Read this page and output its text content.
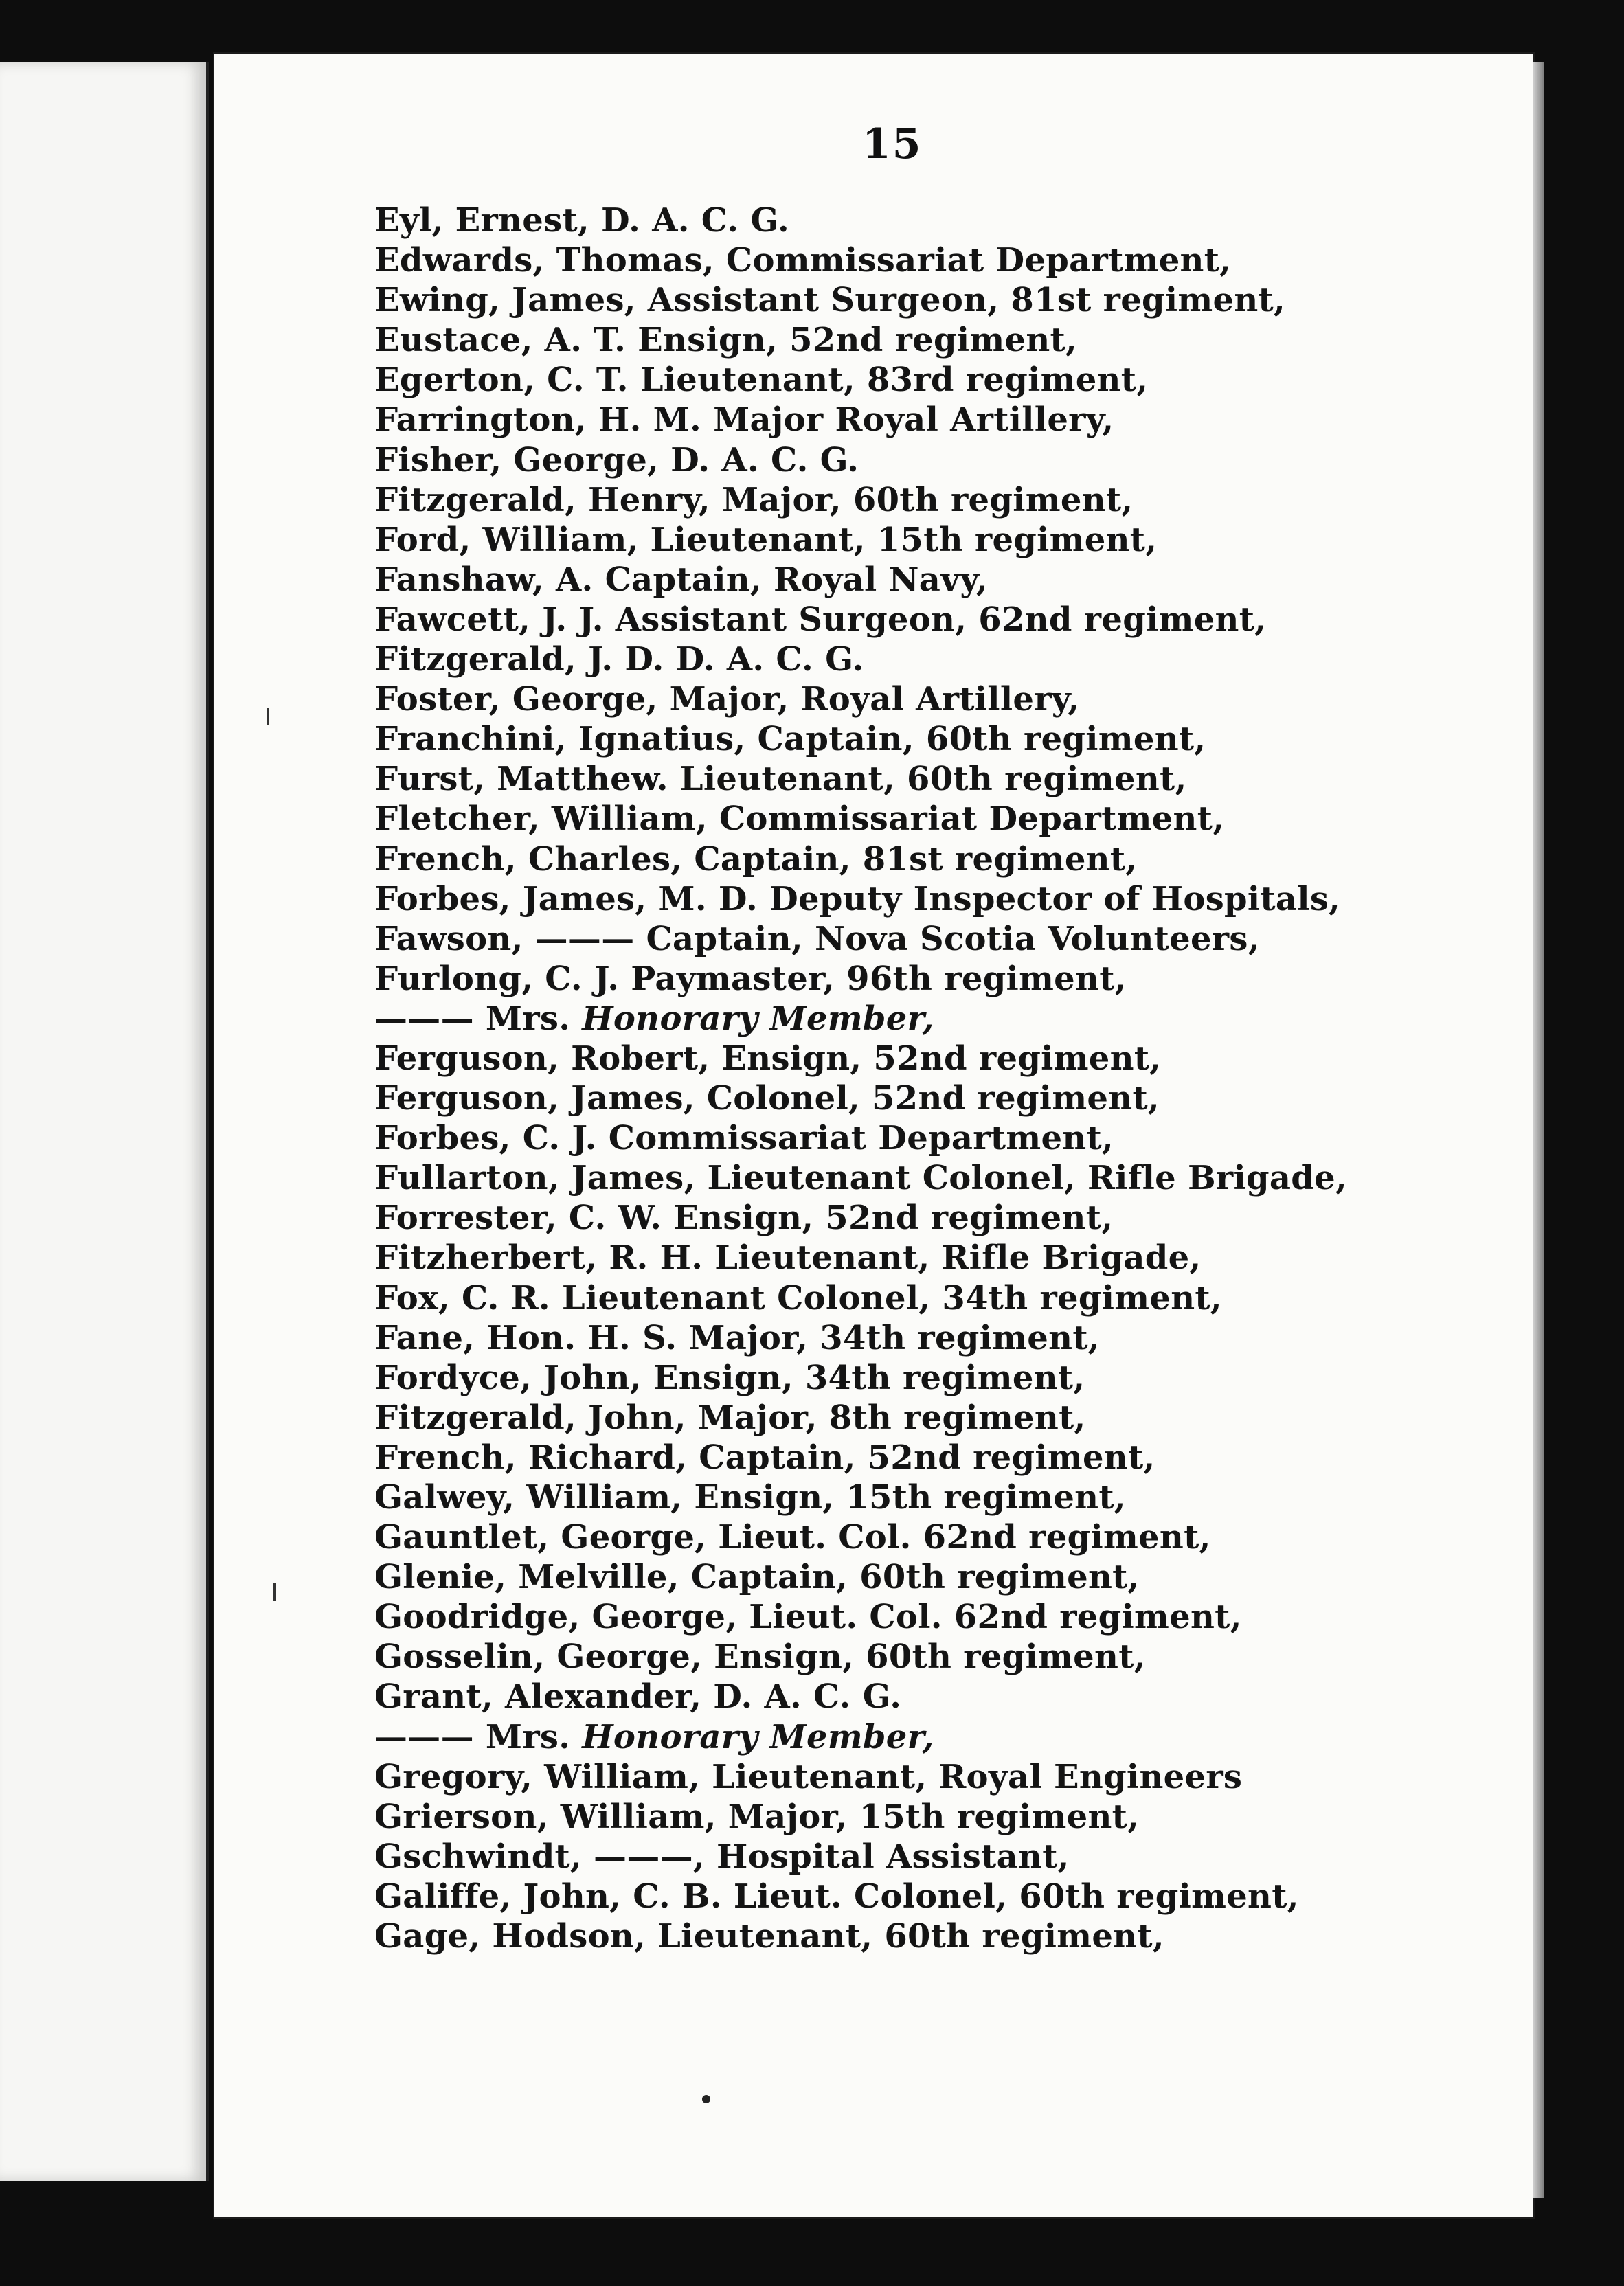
15
Eyl, Ernest, D. A. C. G.
Edwards, Thomas, Commissariat Department,
Ewing, James, Assistant Surgeon, 81st regiment,
Eustace, A. T. Ensign, 52nd regiment,
Egerton, C. T. Lieutenant, 83rd regiment,
Farrington, H. M. Major Royal Artillery,
Fisher, George, D. A. C. G.
Fitzgerald, Henry, Major, 60th regiment,
Ford, William, Lieutenant, 15th regiment,
Fanshaw, A. Captain, Royal Navy,
Fawcett, J. J. Assistant Surgeon, 62nd regiment,
Fitzgerald, J. D. D. A. C. G.
Foster, George, Major, Royal Artillery,
Franchini, Ignatius, Captain, 60th regiment,
Furst, Matthew. Lieutenant, 60th regiment,
Fletcher, William, Commissariat Department,
French, Charles, Captain, 81st regiment,
Forbes, James, M. D. Deputy Inspector of Hospitals,
Fawson, ——— Captain, Nova Scotia Volunteers,
Furlong, C. J. Paymaster, 96th regiment,
——— Mrs. Honorary Member,
Ferguson, Robert, Ensign, 52nd regiment,
Ferguson, James, Colonel, 52nd regiment,
Forbes, C. J. Commissariat Department,
Fullarton, James, Lieutenant Colonel, Rifle Brigade,
Forrester, C. W. Ensign, 52nd regiment,
Fitzherbert, R. H. Lieutenant, Rifle Brigade,
Fox, C. R. Lieutenant Colonel, 34th regiment,
Fane, Hon. H. S. Major, 34th regiment,
Fordyce, John, Ensign, 34th regiment,
Fitzgerald, John, Major, 8th regiment,
French, Richard, Captain, 52nd regiment,
Galwey, William, Ensign, 15th regiment,
Gauntlet, George, Lieut. Col. 62nd regiment,
Glenie, Melville, Captain, 60th regiment,
Goodridge, George, Lieut. Col. 62nd regiment,
Gosselin, George, Ensign, 60th regiment,
Grant, Alexander, D. A. C. G.
——— Mrs. Honorary Member,
Gregory, William, Lieutenant, Royal Engineers
Grierson, William, Major, 15th regiment,
Gschwindt, ———, Hospital Assistant,
Galiffe, John, C. B. Lieut. Colonel, 60th regiment,
Gage, Hodson, Lieutenant, 60th regiment,
